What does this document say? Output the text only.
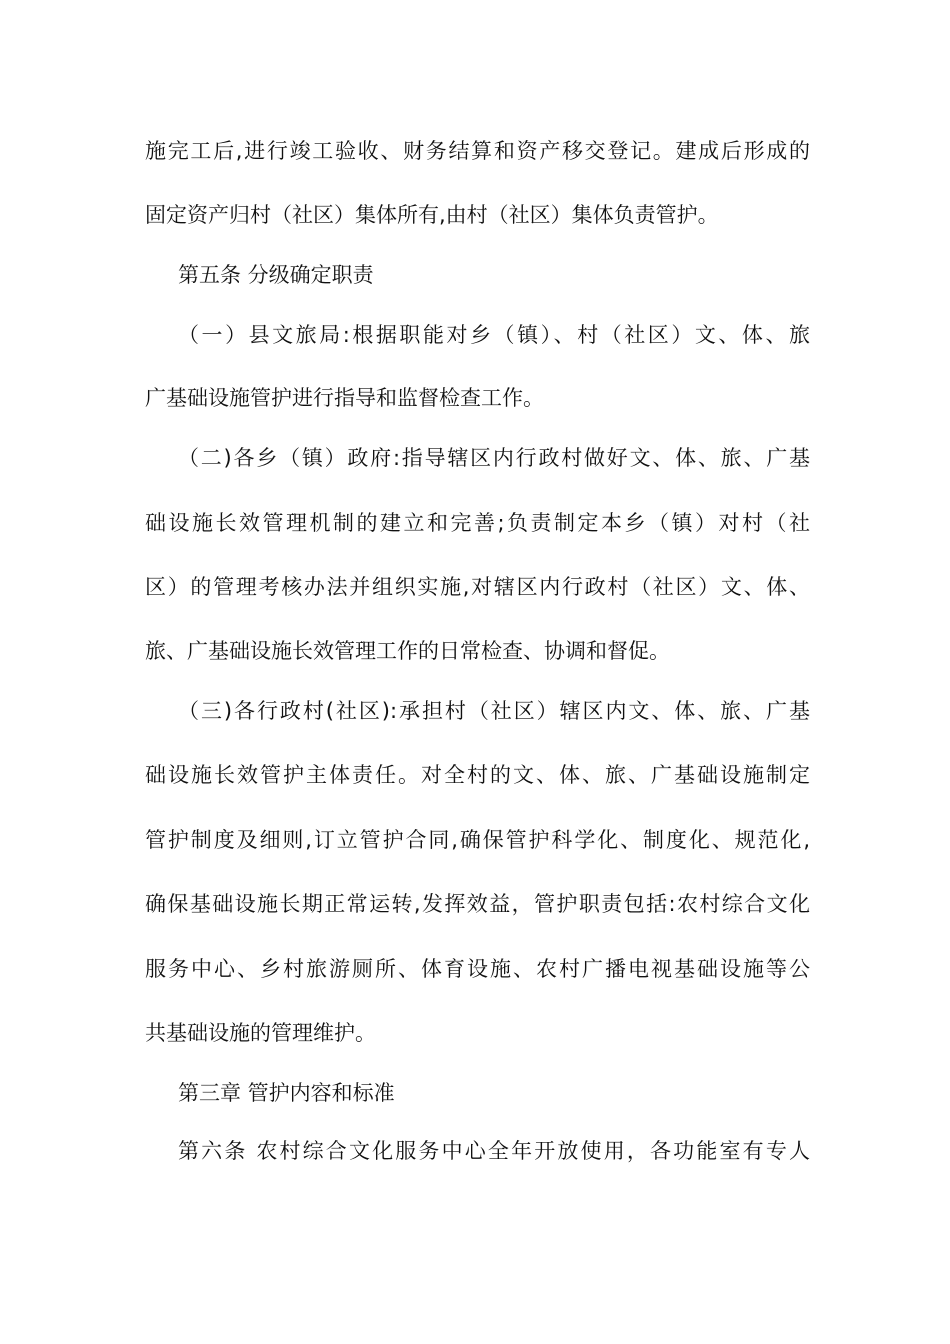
施完工后,进行竣工验收、财务结算和资产移交登记。建成后形成的
固定资产归村（社区）集体所有,由村（社区）集体负责管护。
第五条 分级确定职责
（一）县文旅局:根据职能对乡（镇）、村（社区）文、体、旅
广基础设施管护进行指导和监督检查工作。
（二)各乡（镇）政府:指导辖区内行政村做好文、体、旅、广基
础设施长效管理机制的建立和完善;负责制定本乡（镇）对村（社
区）的管理考核办法并组织实施,对辖区内行政村（社区）文、体、
旅、广基础设施长效管理工作的日常检查、协调和督促。
（三)各行政村(社区):承担村（社区）辖区内文、体、旅、广基
础设施长效管护主体责任。对全村的文、体、旅、广基础设施制定
管护制度及细则,订立管护合同,确保管护科学化、制度化、规范化,
确保基础设施长期正常运转,发挥效益，管护职责包括:农村综合文化
服务中心、乡村旅游厕所、体育设施、农村广播电视基础设施等公
共基础设施的管理维护。
第三章 管护内容和标准
第六条 农村综合文化服务中心全年开放使用，各功能室有专人
